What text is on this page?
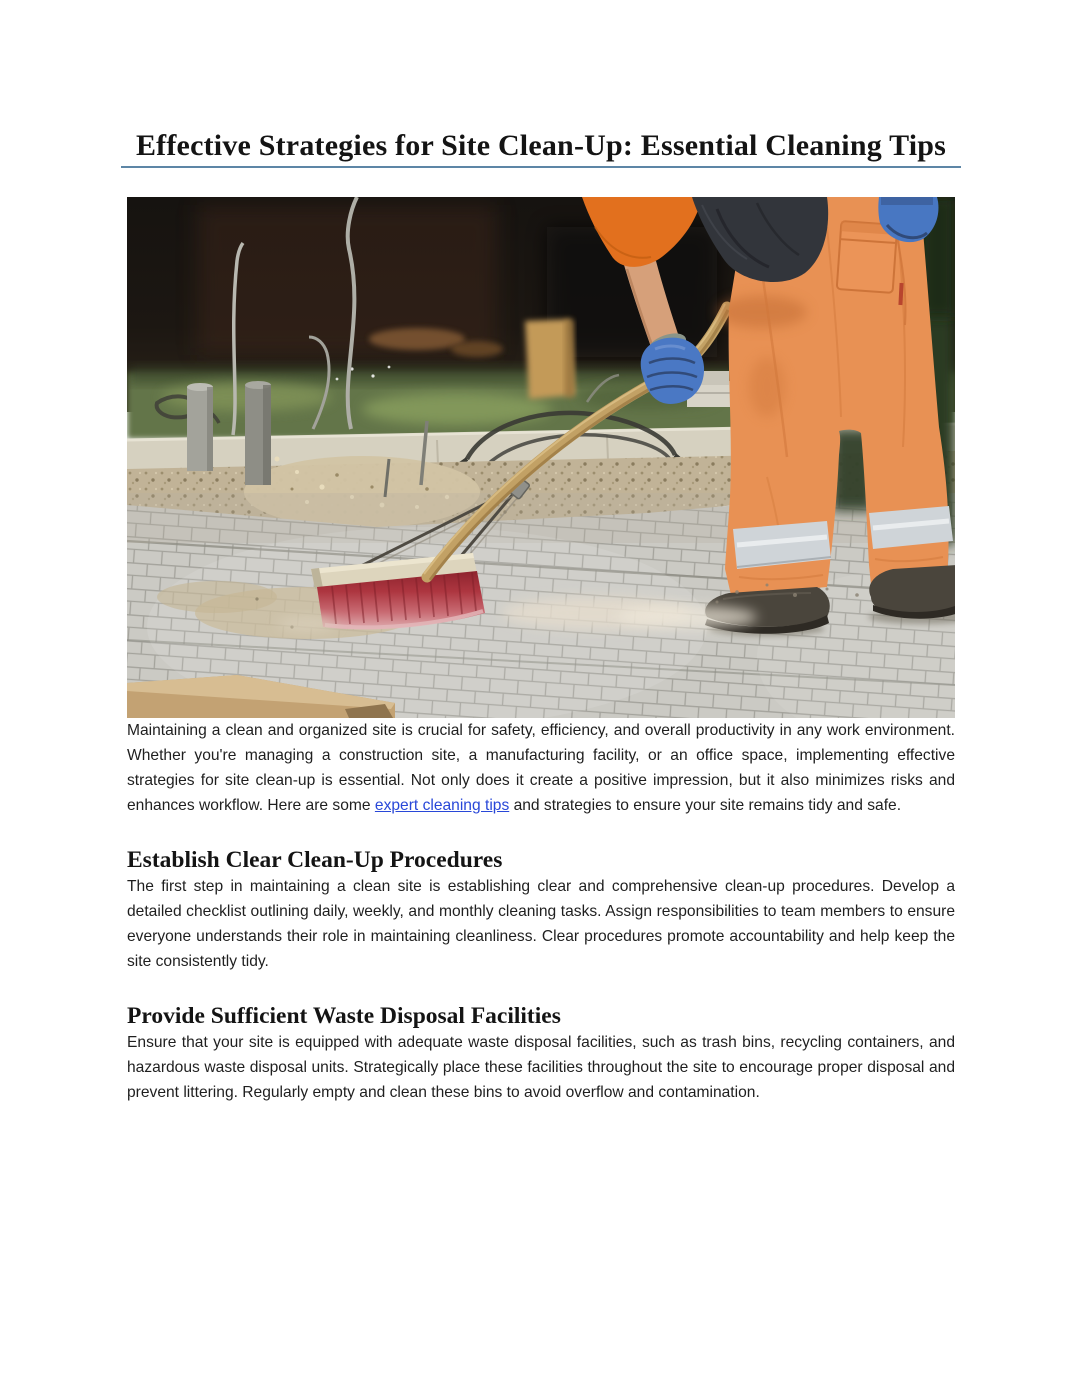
Effective Strategies for Site Clean-Up: Essential Cleaning Tips

Maintaining a clean and organized site is crucial for safety, efficiency, and overall productivity in any work environment. Whether you're managing a construction site, a manufacturing facility, or an office space, implementing effective strategies for site clean-up is essential. Not only does it create a positive impression, but it also minimizes risks and enhances workflow. Here are some expert cleaning tips and strategies to ensure your site remains tidy and safe.

Establish Clear Clean-Up Procedures

The first step in maintaining a clean site is establishing clear and comprehensive clean-up procedures. Develop a detailed checklist outlining daily, weekly, and monthly cleaning tasks. Assign responsibilities to team members to ensure everyone understands their role in maintaining cleanliness. Clear procedures promote accountability and help keep the site consistently tidy.

Provide Sufficient Waste Disposal Facilities

Ensure that your site is equipped with adequate waste disposal facilities, such as trash bins, recycling containers, and hazardous waste disposal units. Strategically place these facilities throughout the site to encourage proper disposal and prevent littering. Regularly empty and clean these bins to avoid overflow and contamination.
